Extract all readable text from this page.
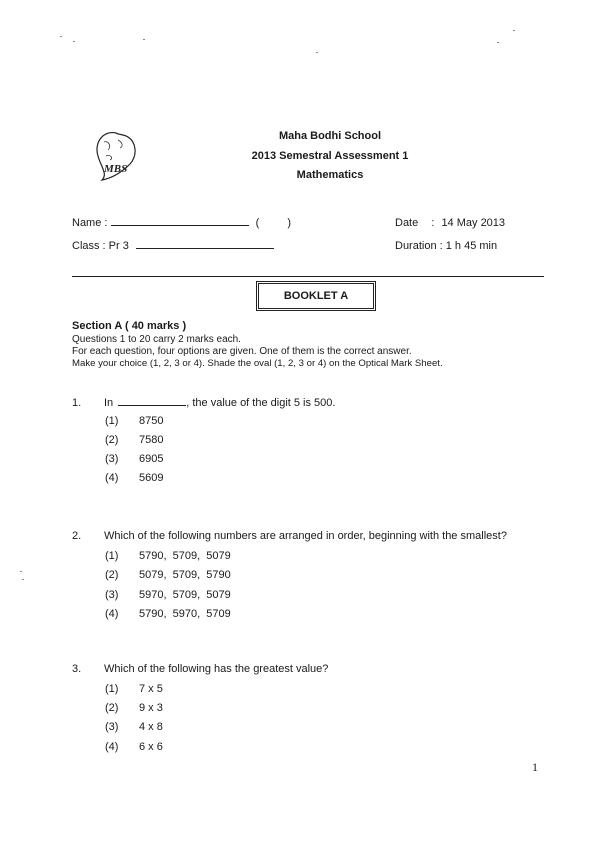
MBS
Maha Bodhi School
2013 Semestral Assessment 1
Mathematics
Name :	(	)
Class : Pr 3
Date : 14 May 2013
Duration : 1 h 45 min
BOOKLET A
Section A ( 40 marks )
Questions 1 to 20 carry 2 marks each.
For each question, four options are given. One of them is the correct answer.
Make your choice (1, 2, 3 or 4). Shade the oval (1, 2, 3 or 4) on the Optical Mark Sheet.
1. In	, the value of the digit 5 is 500.
(1) 8750
(2) 7580
(3) 6905
(4) 5609
2. Which of the following numbers are arranged in order, beginning with the smallest?
(1) 5790,  5709,  5079
(2) 5079,  5709,  5790
(3) 5970,  5709,  5079
(4) 5790,  5970,  5709
3. Which of the following has the greatest value?
(1) 7 x 5
(2) 9 x 3
(3) 4 x 8
(4) 6 x 6
1
